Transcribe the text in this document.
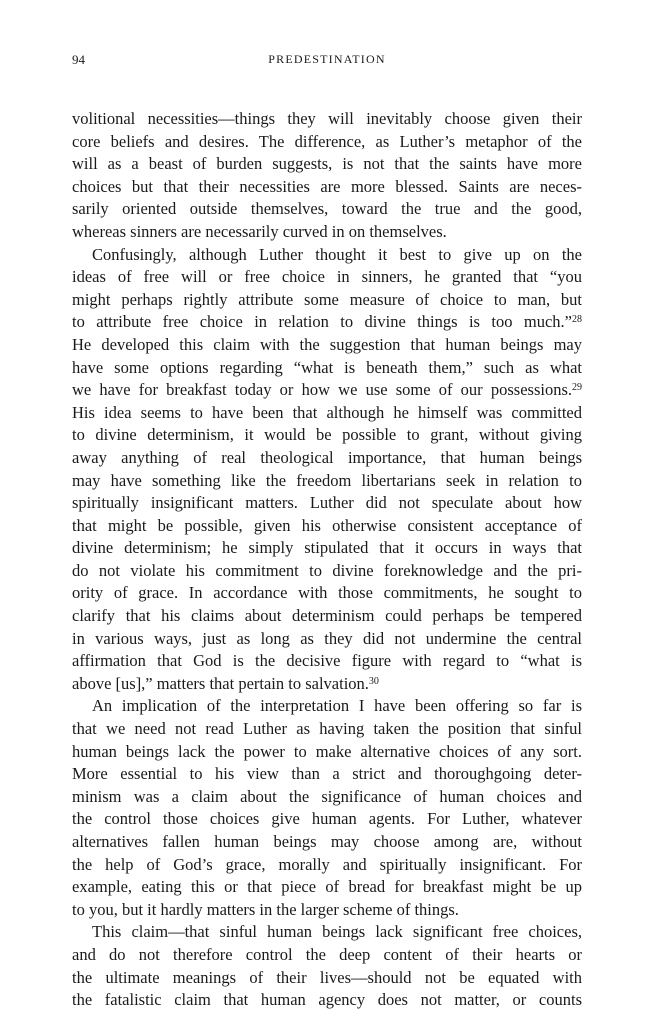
94	PREDESTINATION

volitional necessities—things they will inevitably choose given their
core beliefs and desires. The difference, as Luther’s metaphor of the
will as a beast of burden suggests, is not that the saints have more
choices but that their necessities are more blessed. Saints are neces-
sarily oriented outside themselves, toward the true and the good,
whereas sinners are necessarily curved in on themselves.

Confusingly, although Luther thought it best to give up on the
ideas of free will or free choice in sinners, he granted that “you
might perhaps rightly attribute some measure of choice to man, but
to attribute free choice in relation to divine things is too much.”$^{28}$
He developed this claim with the suggestion that human beings may
have some options regarding “what is beneath them,” such as what
we have for breakfast today or how we use some of our possessions.$^{29}$
His idea seems to have been that although he himself was committed
to divine determinism, it would be possible to grant, without giving
away anything of real theological importance, that human beings
may have something like the freedom libertarians seek in relation to
spiritually insignificant matters. Luther did not speculate about how
that might be possible, given his otherwise consistent acceptance of
divine determinism; he simply stipulated that it occurs in ways that
do not violate his commitment to divine foreknowledge and the pri-
ority of grace. In accordance with those commitments, he sought to
clarify that his claims about determinism could perhaps be tempered
in various ways, just as long as they did not undermine the central
affirmation that God is the decisive figure with regard to “what is
above [us],” matters that pertain to salvation.$^{30}$

An implication of the interpretation I have been offering so far is
that we need not read Luther as having taken the position that sinful
human beings lack the power to make alternative choices of any sort.
More essential to his view than a strict and thoroughgoing deter-
minism was a claim about the significance of human choices and
the control those choices give human agents. For Luther, whatever
alternatives fallen human beings may choose among are, without
the help of God’s grace, morally and spiritually insignificant. For
example, eating this or that piece of bread for breakfast might be up
to you, but it hardly matters in the larger scheme of things.

This claim—that sinful human beings lack significant free choices,
and do not therefore control the deep content of their hearts or
the ultimate meanings of their lives—should not be equated with
the fatalistic claim that human agency does not matter, or counts
